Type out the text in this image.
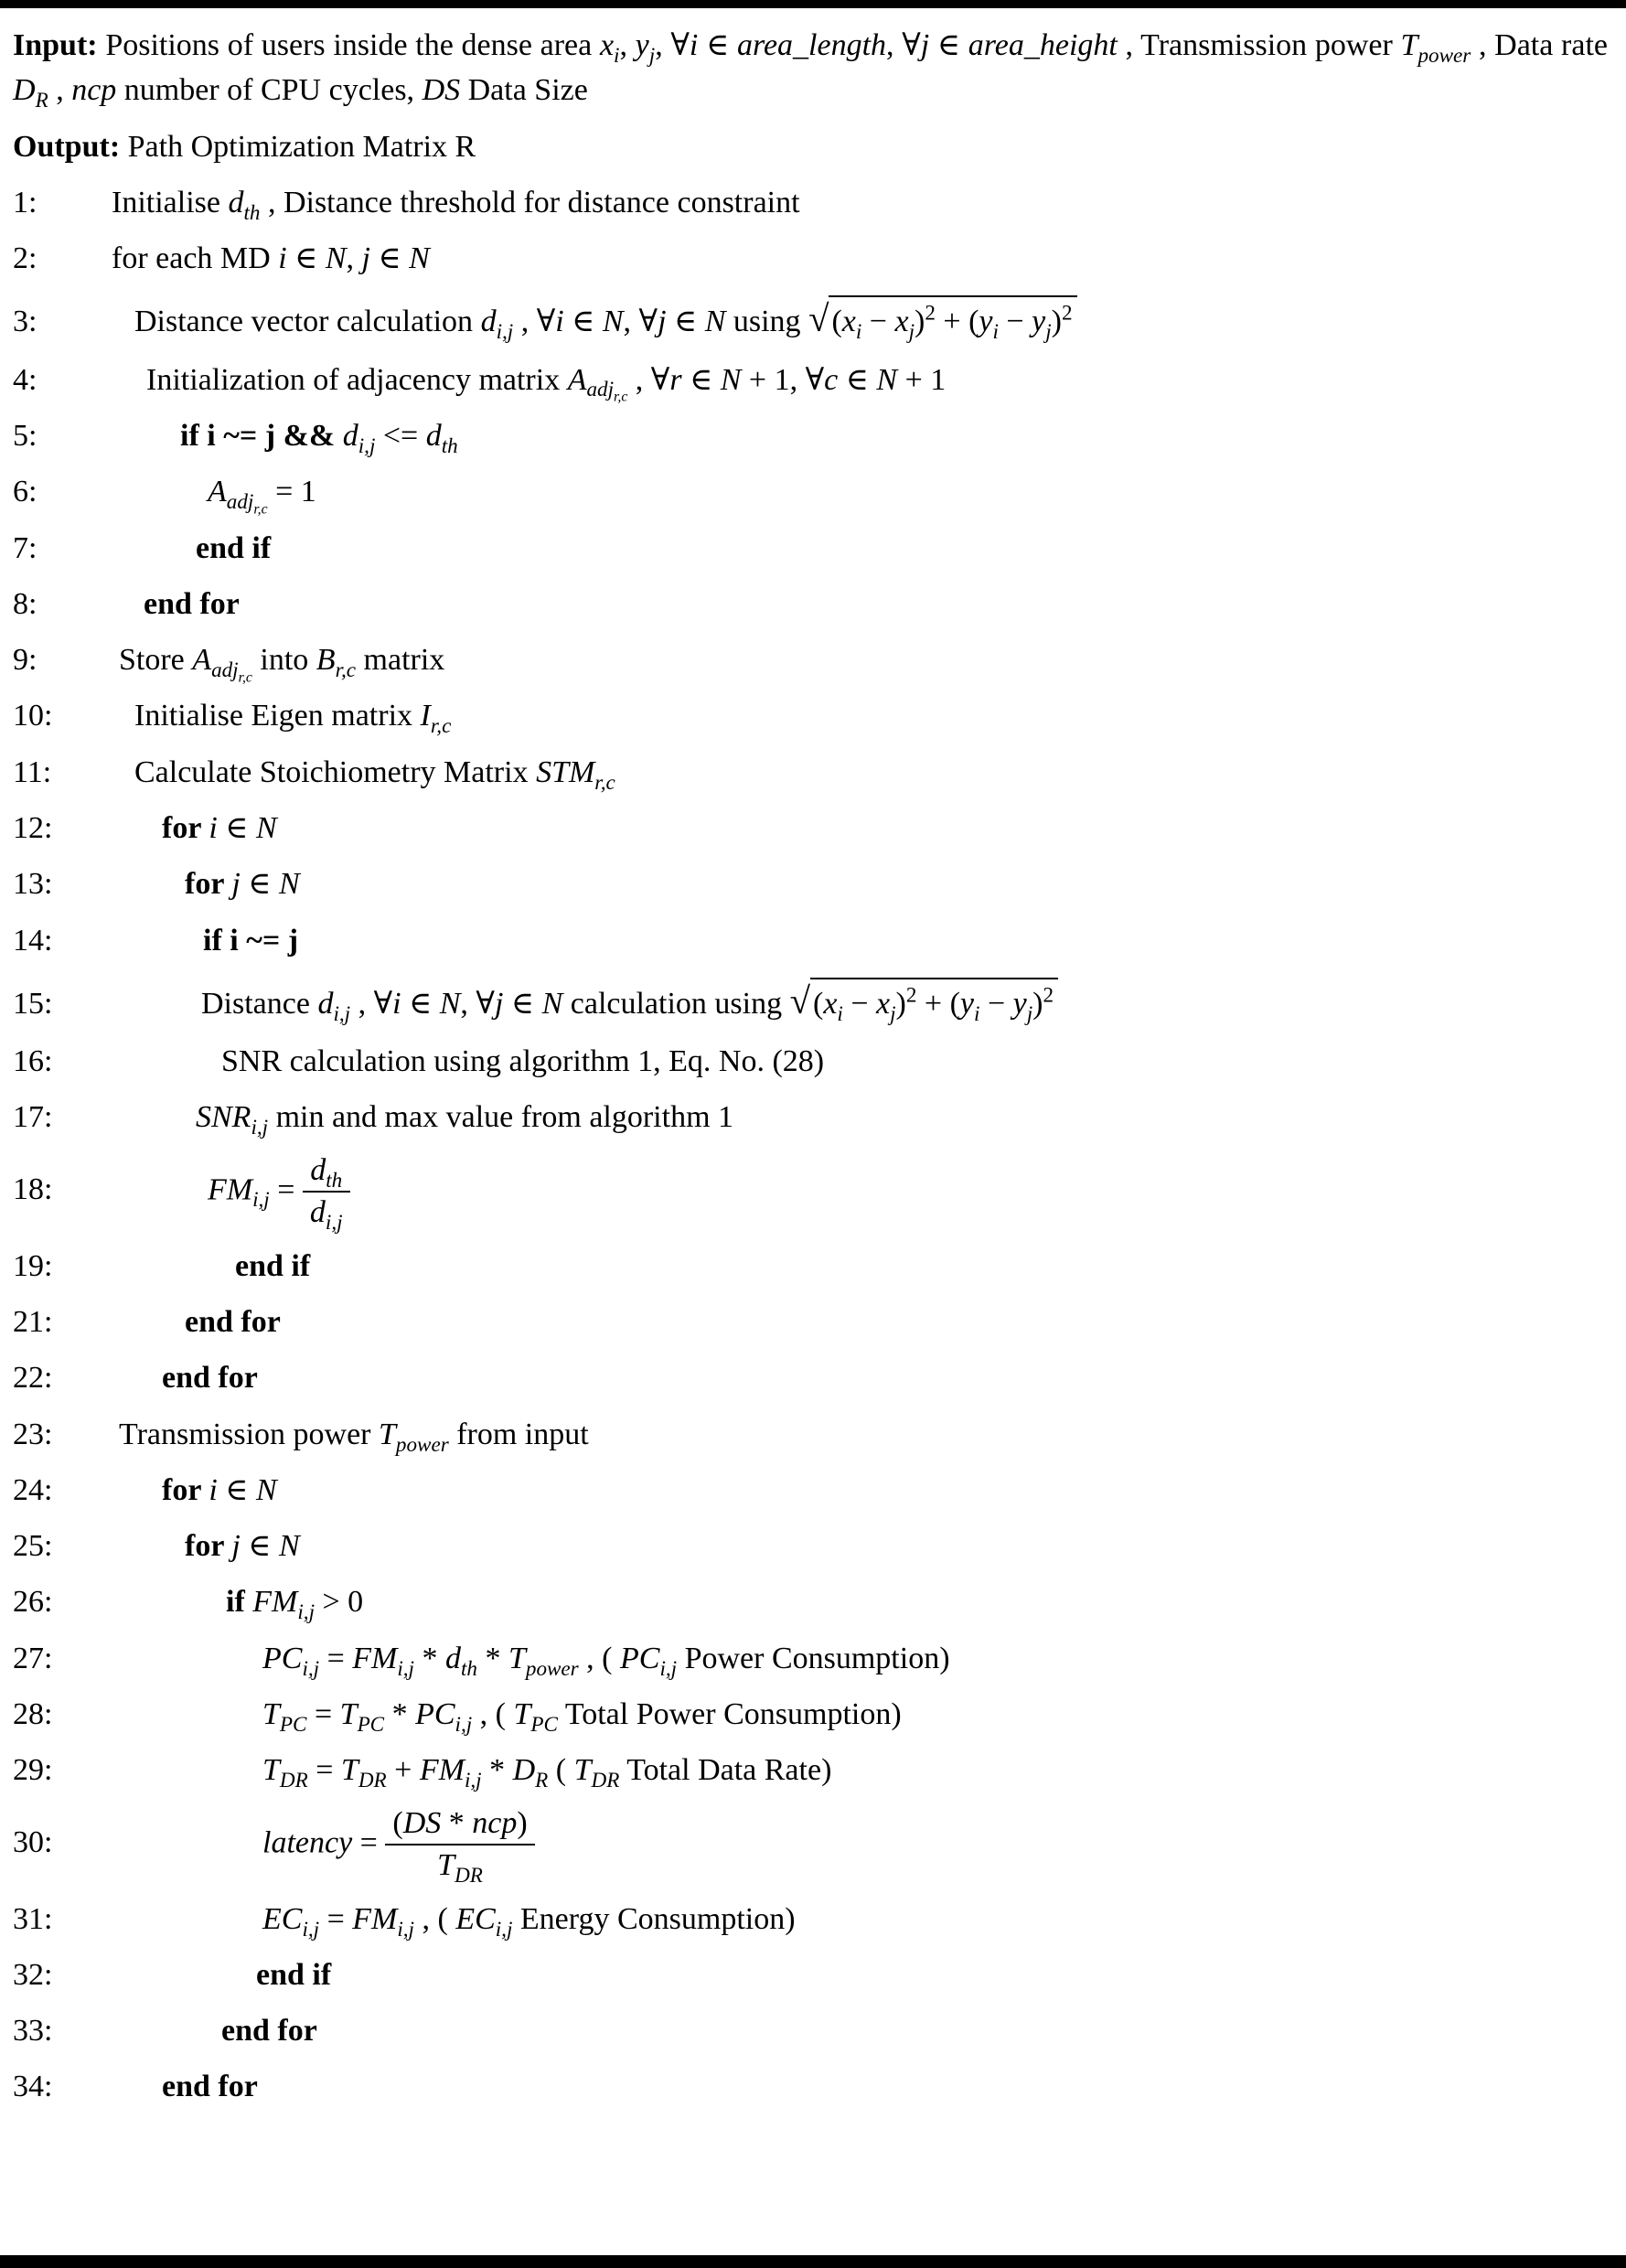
Input: Positions of users inside the dense area $x_i$, $y_j$, ∀i ∈ area_length, ∀j ∈ area_height , Transmission power $T_{power}$ , Data rate $D_R$ , ncp number of CPU cycles, DS Data Size
Output: Path Optimization Matrix R
1:	Initialise $d_{th}$ , Distance threshold for distance constraint
2:	for each MD i ∈ N, j ∈ N
3:	Distance vector calculation $d_{i,j}$ , ∀i ∈ N, ∀j ∈ N using $√(x_i - x_j)^2 + (y_i - y_j)^2$
4:	Initialization of adjacency matrix $A_{adj_{r,c}}$ , ∀r ∈ N + 1, ∀c ∈ N + 1
5:	if i ~= j && $d_{i,j} <= d_{th}$
6:	$A_{adj_{r,c}} = 1$
7:	end if
8:	end for
9:	Store $A_{adj_{r,c}}$ into $B_{r,c}$ matrix
10:	Initialise Eigen matrix $I_{r,c}$
11:	Calculate Stoichiometry Matrix $STM_{r,c}$
12:	for i ∈ N
13:	for j ∈ N
14:	if i ~= j
15:	Distance $d_{i,j}$ , ∀i ∈ N, ∀j ∈ N calculation using $√(x_i - x_j)^2 + (y_i - y_j)^2$
16:	SNR calculation using algorithm 1, Eq. No. (28)
17:	$SNR_{i,j}$ min and max value from algorithm 1
18:	$FM_{i,j} = \frac{d_{th}}{d_{i,j}}$
19:	end if
21:	end for
22:	end for
23:	Transmission power $T_{power}$ from input
24:	for i ∈ N
25:	for j ∈ N
26:	if $FM_{i,j} > 0$
27:	$PC_{i,j} = FM_{i,j} * d_{th} * T_{power}$ , ( $PC_{i,j}$ Power Consumption)
28:	$T_{PC} = T_{PC} * PC_{i,j}$ , ( $T_{PC}$ Total Power Consumption)
29:	$T_{DR} = T_{DR} + FM_{i,j} * D_R$ ( $T_{DR}$ Total Data Rate)
30:	latency = $\frac{\text{(DS * ncp)}}{T_{DR}}$
31:	$EC_{i,j} = FM_{i,j}$ , ( $EC_{i,j}$ Energy Consumption)
32:	end if
33:	end for
34:	end for
